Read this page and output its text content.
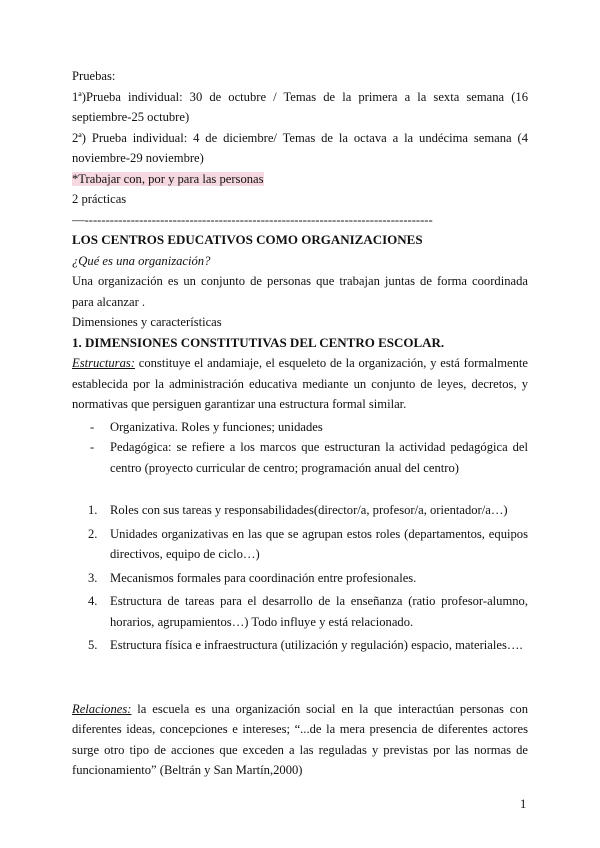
Pruebas:

1ª)Prueba individual: 30 de octubre / Temas de la primera a la sexta semana (16 septiembre-25 octubre)

2ª) Prueba individual: 4 de diciembre/ Temas de la octava a la undécima semana (4 noviembre-29 noviembre)

*Trabajar con, por y para las personas

2 prácticas

—-----------------------------------------------------------------------------------

LOS CENTROS EDUCATIVOS COMO ORGANIZACIONES

¿Qué es una organización?

Una organización es un conjunto de personas que trabajan juntas de forma coordinada para alcanzar .

Dimensiones y características

1. DIMENSIONES CONSTITUTIVAS DEL CENTRO ESCOLAR.

Estructuras: constituye el andamiaje, el esqueleto de la organización, y está formalmente establecida por la administración educativa mediante un conjunto de leyes, decretos, y normativas que persiguen garantizar una estructura formal similar.

- Organizativa. Roles y funciones; unidades
- Pedagógica: se refiere a los marcos que estructuran la actividad pedagógica del centro (proyecto curricular de centro; programación anual del centro)
1. Roles con sus tareas y responsabilidades(director/a, profesor/a, orientador/a…)
2. Unidades organizativas en las que se agrupan estos roles (departamentos, equipos directivos, equipo de ciclo…)
3. Mecanismos formales para coordinación entre profesionales.
4. Estructura de tareas para el desarrollo de la enseñanza (ratio profesor-alumno, horarios, agrupamientos…) Todo influye y está relacionado.
5. Estructura física e infraestructura (utilización y regulación) espacio, materiales….

Relaciones: la escuela es una organización social en la que interactúan personas con diferentes ideas, concepciones e intereses; “...de la mera presencia de diferentes actores surge otro tipo de acciones que exceden a las reguladas y previstas por las normas de funcionamiento” (Beltrán y San Martín,2000)

1
